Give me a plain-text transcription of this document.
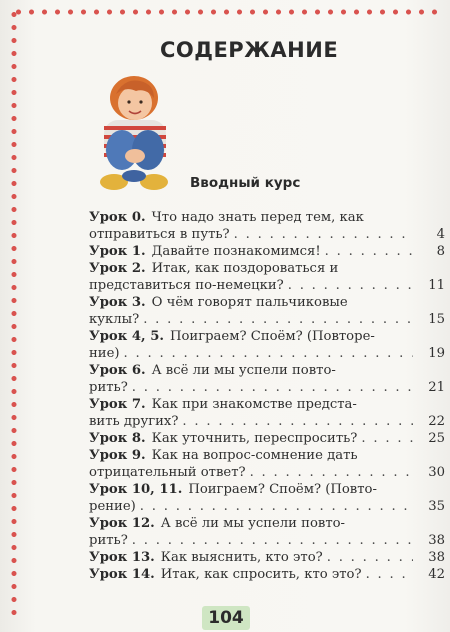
СОДЕРЖАНИЕ
Вводный курс
Урок 0. Что надо знать перед тем, как
отправиться в путь? . . .	4
Урок 1. Давайте познакомимся! . . .	8
Урок 2. Итак, как поздороваться и
представиться по-немецки? . . .	11
Урок 3. О чём говорят пальчиковые
куклы? . . .	15
Урок 4, 5. Поиграем? Споём? (Повторе-
ние) . . .	19
Урок 6. А всё ли мы успели повто-
рить? . . .	21
Урок 7. Как при знакомстве предста-
вить других? . . .	22
Урок 8. Как уточнить, переспросить? . . .	25
Урок 9. Как на вопрос-сомнение дать
отрицательный ответ? . . .	30
Урок 10, 11. Поиграем? Споём? (Повто-
рение) . . .	35
Урок 12. А всё ли мы успели повто-
рить? . . .	38
Урок 13. Как выяснить, кто это? . . .	38
Урок 14. Итак, как спросить, кто это? . . .	42
104
